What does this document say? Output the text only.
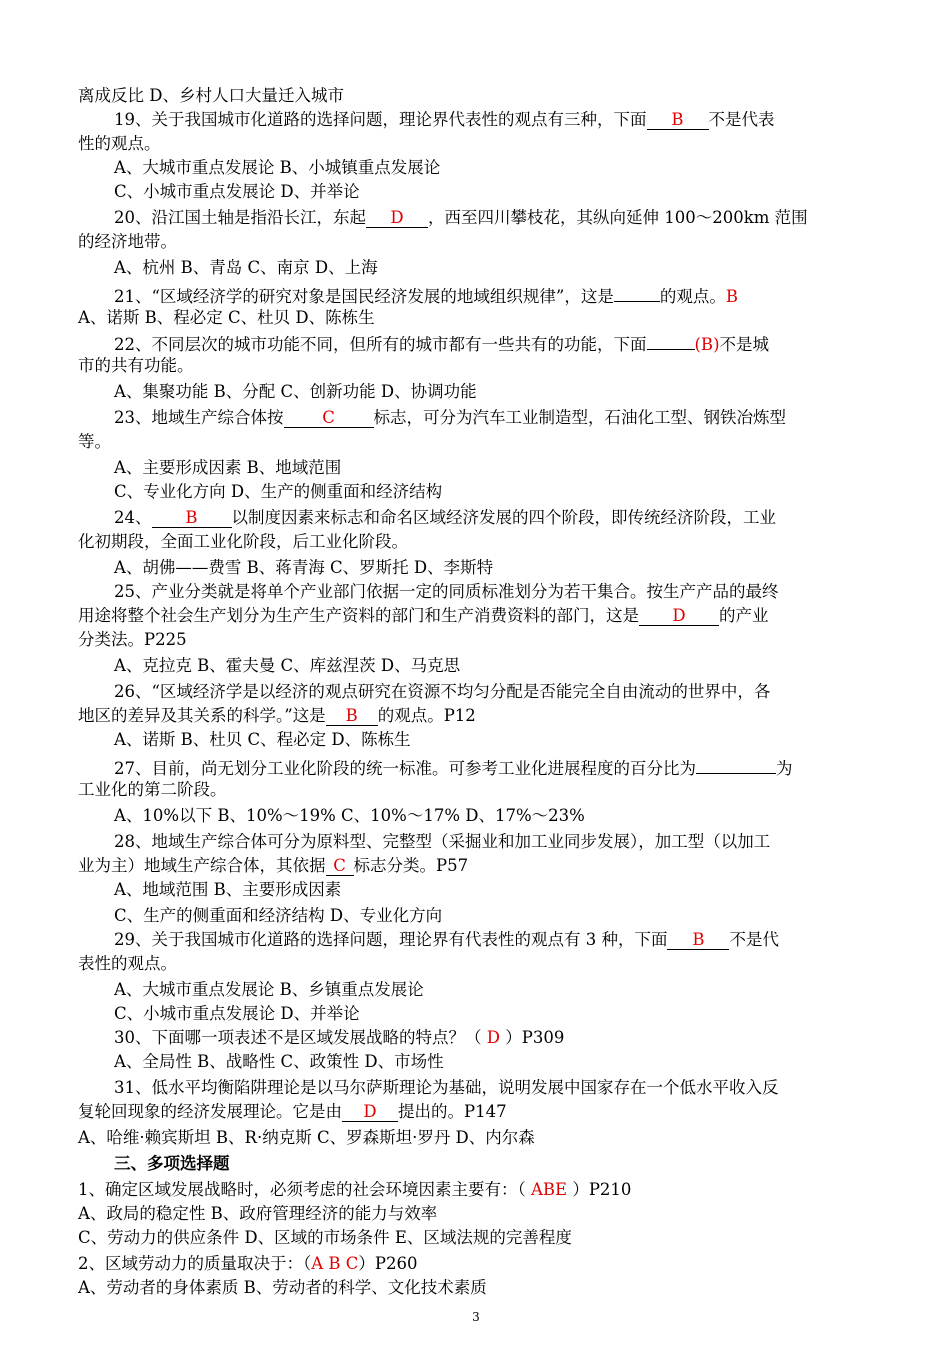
离成反比 D、乡村人口大量迁入城市
19、关于我国城市化道路的选择问题，理论界代表性的观点有三种，下面 B 不是代表
性的观点。
A、大城市重点发展论 B、小城镇重点发展论
C、小城市重点发展论 D、并举论
20、沿江国土轴是指沿长江，东起 D ，西至四川攀枝花，其纵向延伸 100～200km 范围
的经济地带。
A、杭州 B、青岛 C、南京 D、上海
21、“区域经济学的研究对象是国民经济发展的地域组织规律”，这是	的观点。B
A、诺斯 B、程必定 C、杜贝 D、陈栋生
22、不同层次的城市功能不同，但所有的城市都有一些共有的功能，下面	(B)不是城
市的共有功能。
A、集聚功能 B、分配 C、创新功能 D、协调功能
23、地域生产综合体按 C 标志，可分为汽车工业制造型，石油化工型、钢铁冶炼型
等。
A、主要形成因素 B、地域范围
C、专业化方向 D、生产的侧重面和经济结构
24、 B 以制度因素来标志和命名区域经济发展的四个阶段，即传统经济阶段，工业
化初期段，全面工业化阶段，后工业化阶段。
A、胡佛——费雪 B、蒋青海 C、罗斯托 D、李斯特
25、产业分类就是将单个产业部门依据一定的同质标准划分为若干集合。按生产产品的最终
用途将整个社会生产划分为生产生产资料的部门和生产消费资料的部门，这是 D 的产业
分类法。P225
A、克拉克 B、霍夫曼 C、库兹涅茨 D、马克思
26、“区域经济学是以经济的观点研究在资源不均匀分配是否能完全自由流动的世界中，各
地区的差异及其关系的科学。”这是 B 的观点。P12
A、诺斯 B、杜贝 C、程必定 D、陈栋生
27、目前，尚无划分工业化阶段的统一标准。可参考工业化进展程度的百分比为	为
工业化的第二阶段。
A、10%以下 B、10%～19% C、10%～17% D、17%～23%
28、地域生产综合体可分为原料型、完整型（采掘业和加工业同步发展），加工型（以加工
业为主）地域生产综合体，其依据 C 标志分类。P57
A、地域范围 B、主要形成因素
C、生产的侧重面和经济结构 D、专业化方向
29、关于我国城市化道路的选择问题，理论界有代表性的观点有 3 种，下面 B 不是代
表性的观点。
A、大城市重点发展论 B、乡镇重点发展论
C、小城市重点发展论 D、并举论
30、下面哪一项表述不是区域发展战略的特点？（ D ）P309
A、全局性 B、战略性 C、政策性 D、市场性
31、低水平均衡陷阱理论是以马尔萨斯理论为基础，说明发展中国家存在一个低水平收入反
复轮回现象的经济发展理论。它是由 D 提出的。P147
A、哈维·赖宾斯坦 B、R·纳克斯 C、罗森斯坦·罗丹 D、内尔森
三、多项选择题
1、确定区域发展战略时，必须考虑的社会环境因素主要有：（ ABE ）P210
A、政局的稳定性 B、政府管理经济的能力与效率
C、劳动力的供应条件 D、区域的市场条件 E、区域法规的完善程度
2、区域劳动力的质量取决于：（A B C）P260
A、劳动者的身体素质 B、劳动者的科学、文化技术素质
3
